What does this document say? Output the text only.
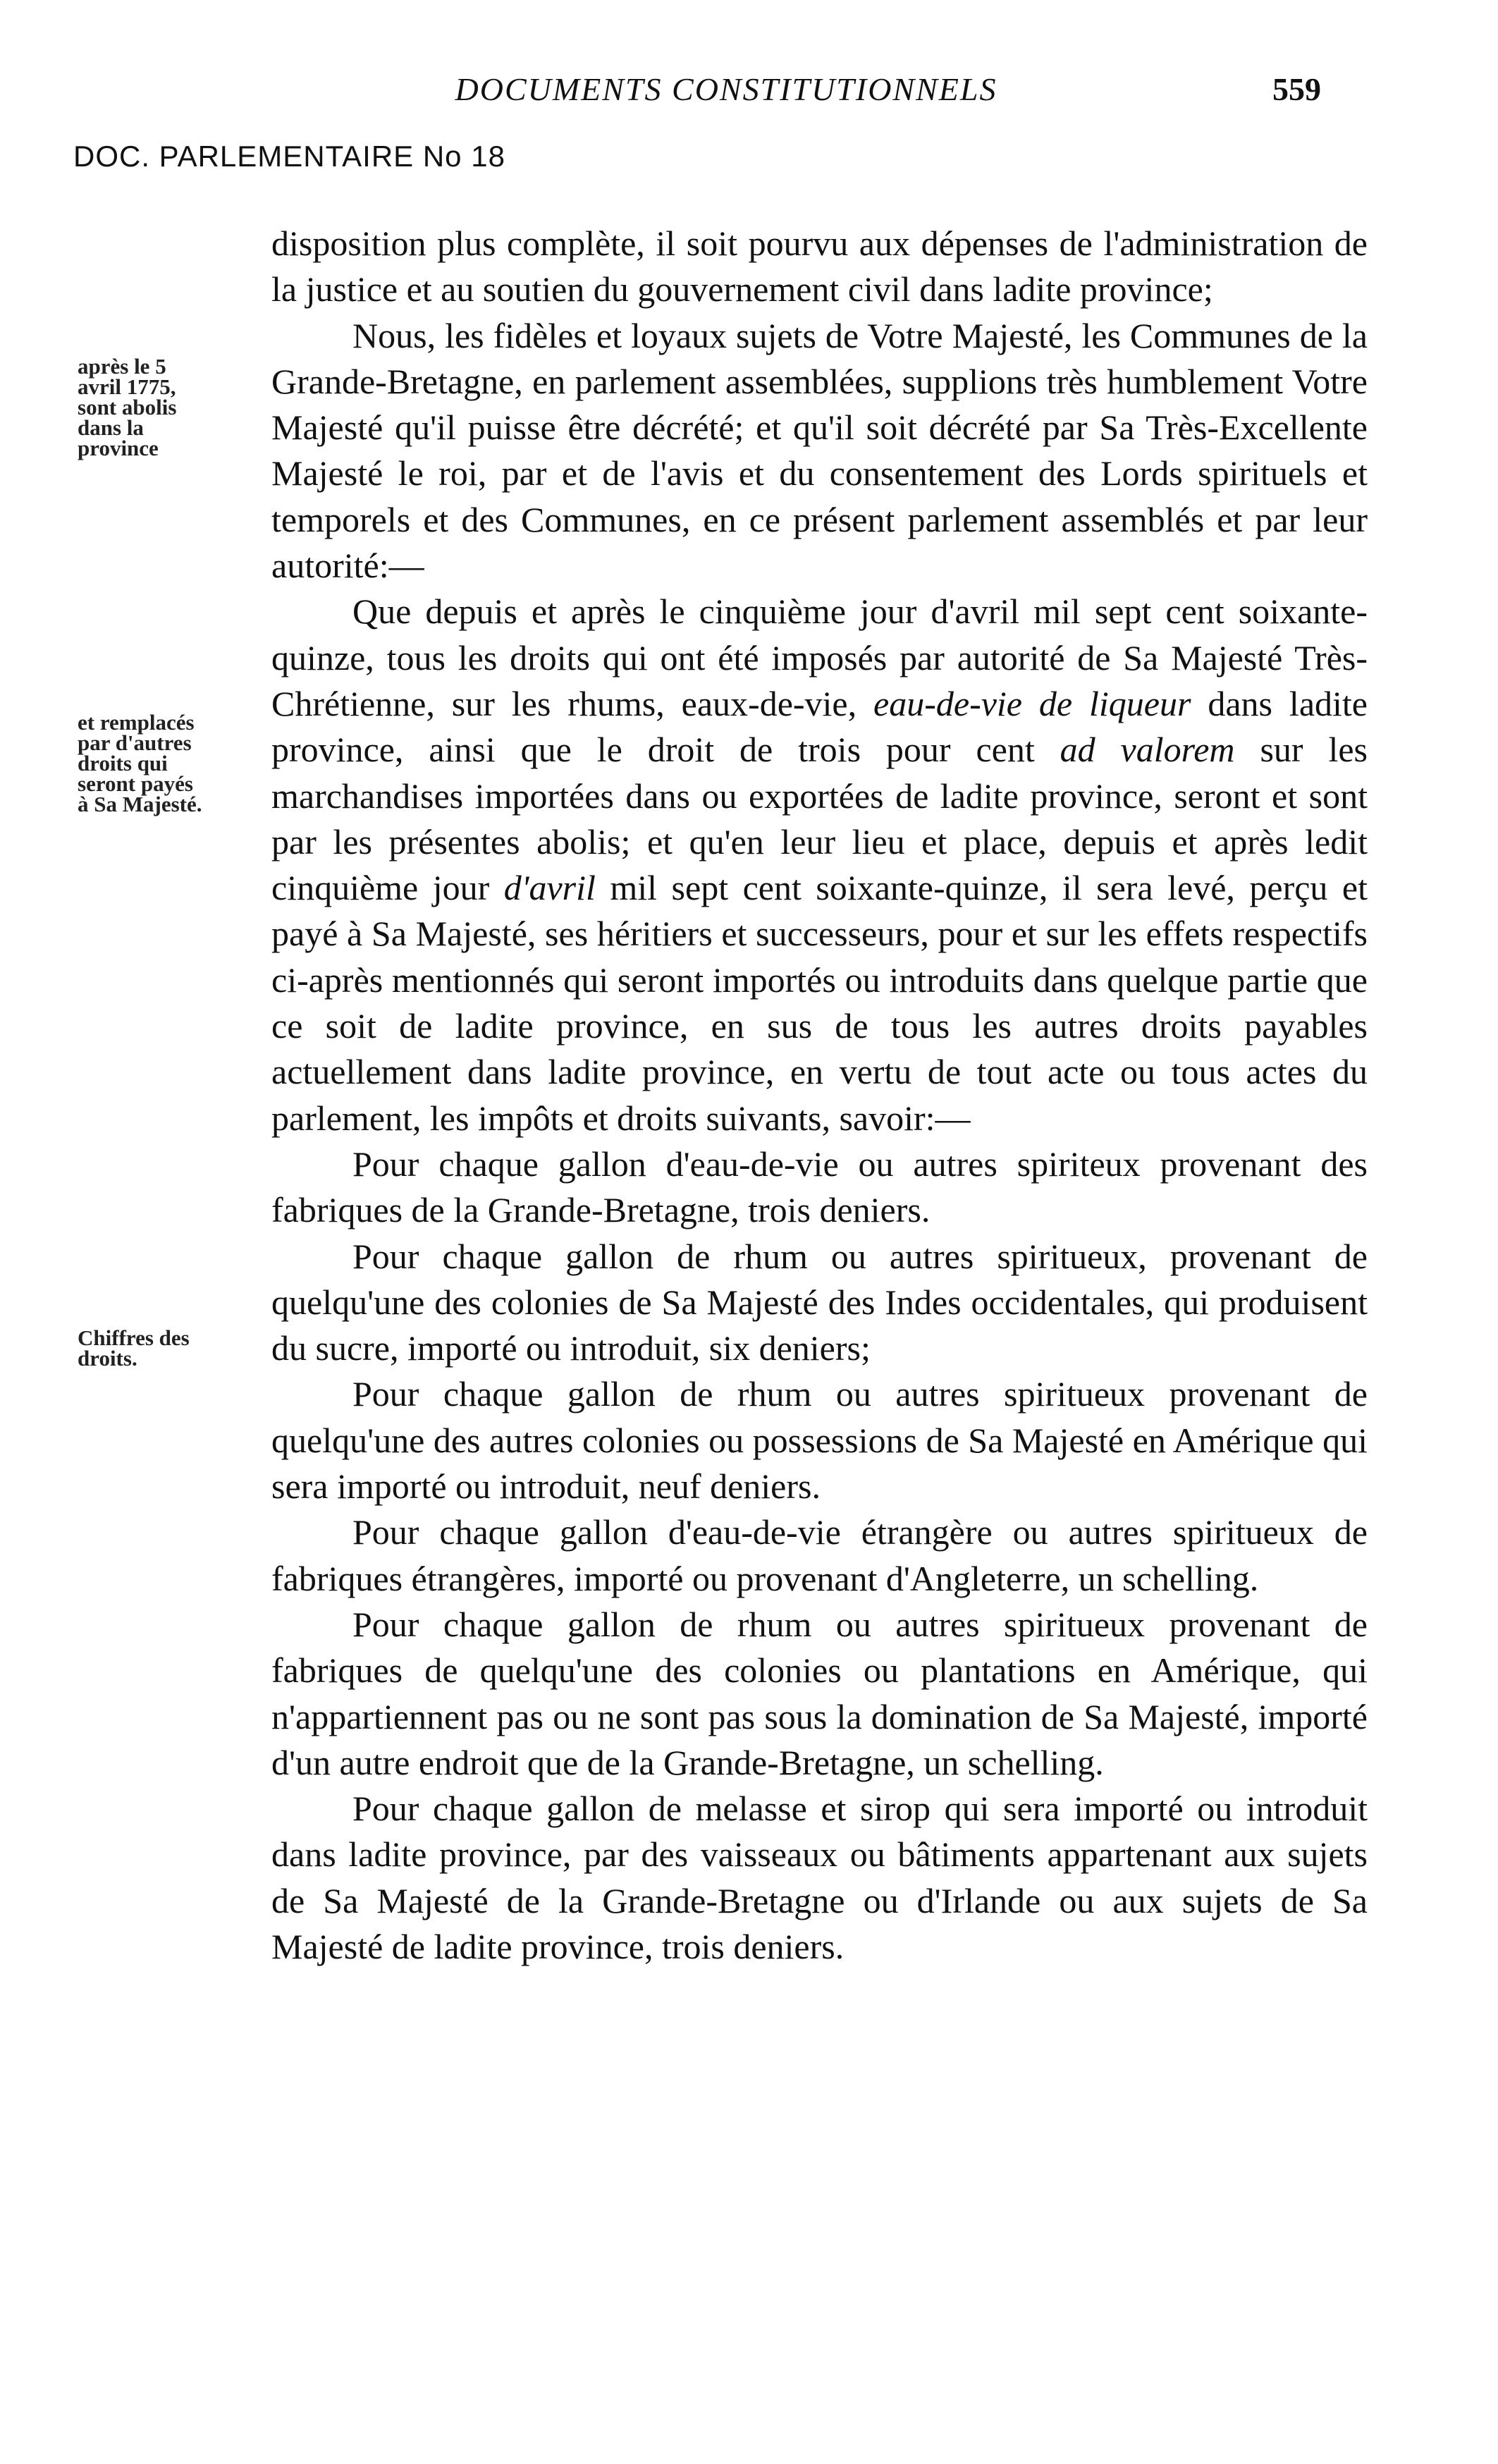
DOCUMENTS CONSTITUTIONNELS	559
DOC. PARLEMENTAIRE No 18
après le 5
avril 1775,
sont abolis
dans la
province
et remplacés
par d'autres
droits qui
seront payés
à Sa Majesté.
Chiffres des
droits.

disposition plus complète, il soit pourvu aux dépenses de l'administration de la justice et au soutien du gouvernement civil dans ladite province;

Nous, les fidèles et loyaux sujets de Votre Majesté, les Communes de la Grande-Bretagne, en parlement assemblées, supplions très humblement Votre Majesté qu'il puisse être décrété; et qu'il soit décrété par Sa Très-Excellente Majesté le roi, par et de l'avis et du consentement des Lords spirituels et temporels et des Communes, en ce présent parlement assemblés et par leur autorité:—

Que depuis et après le cinquième jour d'avril mil sept cent soixante-quinze, tous les droits qui ont été imposés par autorité de Sa Majesté Très-Chrétienne, sur les rhums, eaux-de-vie, eau-de-vie de liqueur dans ladite province, ainsi que le droit de trois pour cent ad valorem sur les marchandises importées dans ou exportées de ladite province, seront et sont par les présentes abolis; et qu'en leur lieu et place, depuis et après ledit cinquième jour d'avril mil sept cent soixante-quinze, il sera levé, perçu et payé à Sa Majesté, ses héritiers et successeurs, pour et sur les effets respectifs ci-après mentionnés qui seront importés ou introduits dans quelque partie que ce soit de ladite province, en sus de tous les autres droits payables actuellement dans ladite province, en vertu de tout acte ou tous actes du parlement, les impôts et droits suivants, savoir:—

Pour chaque gallon d'eau-de-vie ou autres spiriteux provenant des fabriques de la Grande-Bretagne, trois deniers.

Pour chaque gallon de rhum ou autres spiritueux, provenant de quelqu'une des colonies de Sa Majesté des Indes occidentales, qui produisent du sucre, importé ou introduit, six deniers;

Pour chaque gallon de rhum ou autres spiritueux provenant de quelqu'une des autres colonies ou possessions de Sa Majesté en Amérique qui sera importé ou introduit, neuf deniers.

Pour chaque gallon d'eau-de-vie étrangère ou autres spiritueux de fabriques étrangères, importé ou provenant d'Angleterre, un schelling.

Pour chaque gallon de rhum ou autres spiritueux provenant de fabriques de quelqu'une des colonies ou plantations en Amérique, qui n'appartiennent pas ou ne sont pas sous la domination de Sa Majesté, importé d'un autre endroit que de la Grande-Bretagne, un schelling.

Pour chaque gallon de melasse et sirop qui sera importé ou introduit dans ladite province, par des vaisseaux ou bâtiments appartenant aux sujets de Sa Majesté de la Grande-Bretagne ou d'Irlande ou aux sujets de Sa Majesté de ladite province, trois deniers.
